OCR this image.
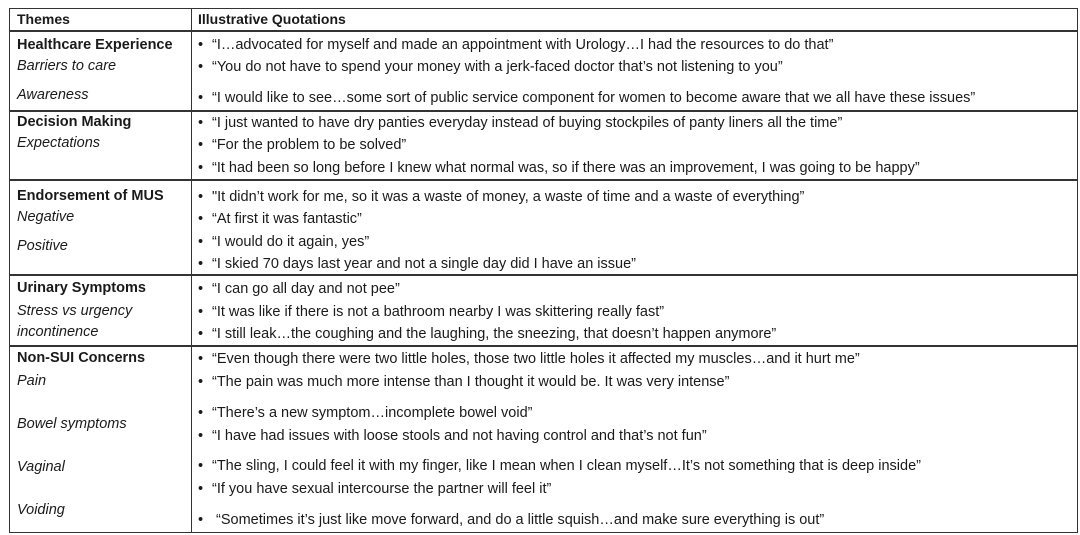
Themes	Illustrative Quotations
Healthcare Experience
Barriers to care
Awareness
• “I…advocated for myself and made an appointment with Urology…I had the resources to do that”
• “You do not have to spend your money with a jerk-faced doctor that’s not listening to you”
• “I would like to see…some sort of public service component for women to become aware that we all have these issues”
Decision Making
Expectations
• “I just wanted to have dry panties everyday instead of buying stockpiles of panty liners all the time”
• “For the problem to be solved”
• “It had been so long before I knew what normal was, so if there was an improvement, I was going to be happy”
Endorsement of MUS
Negative
Positive
• "It didn’t work for me, so it was a waste of money, a waste of time and a waste of everything”
• “At first it was fantastic”
• “I would do it again, yes”
• “I skied 70 days last year and not a single day did I have an issue”
Urinary Symptoms
Stress vs urgency
incontinence
• “I can go all day and not pee”
• “It was like if there is not a bathroom nearby I was skittering really fast”
• “I still leak…the coughing and the laughing, the sneezing, that doesn’t happen anymore”
Non-SUI Concerns
Pain
Bowel symptoms
Vaginal
Voiding
• “Even though there were two little holes, those two little holes it affected my muscles…and it hurt me”
• “The pain was much more intense than I thought it would be. It was very intense”
• “There’s a new symptom…incomplete bowel void”
• “I have had issues with loose stools and not having control and that’s not fun”
• “The sling, I could feel it with my finger, like I mean when I clean myself…It’s not something that is deep inside”
• “If you have sexual intercourse the partner will feel it”
• “Sometimes it’s just like move forward, and do a little squish…and make sure everything is out”
